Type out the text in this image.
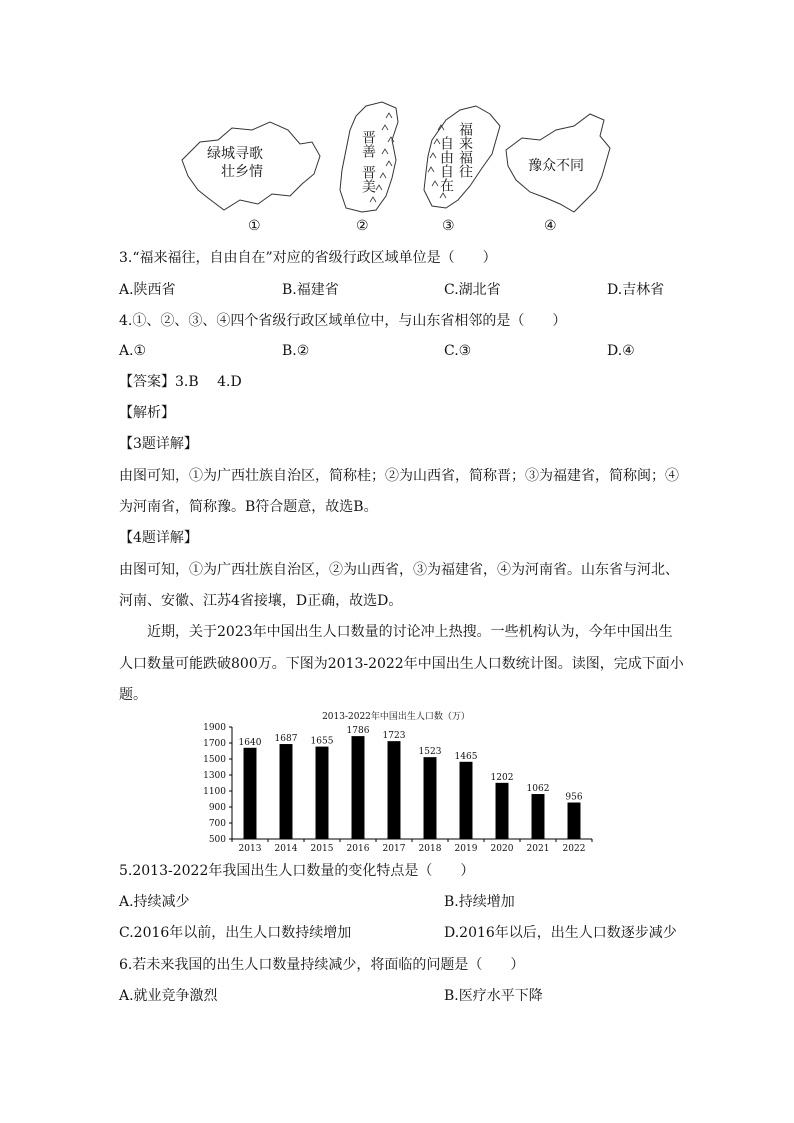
绿城寻歌
壮乡情	豫众不同
晋善
晋美
福来福往
自由自在
①	②	③	④
3.“福来福往，自由自在”对应的省级行政区域单位是（　　）
A.陕西省	B.福建省	C.湖北省	D.吉林省
4.①、②、③、④四个省级行政区域单位中，与山东省相邻的是（　　）
A.①	B.②	C.③	D.④
【答案】3.B　 4.D
【解析】
【3题详解】
由图可知，①为广西壮族自治区，简称桂；②为山西省，简称晋；③为福建省，简称闽；④
为河南省，简称豫。B符合题意，故选B。
【4题详解】
由图可知，①为广西壮族自治区，②为山西省，③为福建省，④为河南省。山东省与河北、
河南、安徽、江苏4省接壤，D正确，故选D。
近期，关于2023年中国出生人口数量的讨论冲上热搜。一些机构认为，今年中国出生
人口数量可能跌破800万。下图为2013-2022年中国出生人口数统计图。读图，完成下面小
题。
2013-2022年中国出生人口数（万）
500
700
900
1100
1300
1500
1700
1900
1640
2013
1687
2014
1655
2015
1786
2016
1723
2017
1523
2018
1465
2019
1202
2020
1062
2021
956
2022
5.2013-2022年我国出生人口数量的变化特点是（　　）
A.持续减少	B.持续增加
C.2016年以前，出生人口数持续增加	D.2016年以后，出生人口数逐步减少
6.若未来我国的出生人口数量持续减少，将面临的问题是（　　）
A.就业竞争激烈	B.医疗水平下降
